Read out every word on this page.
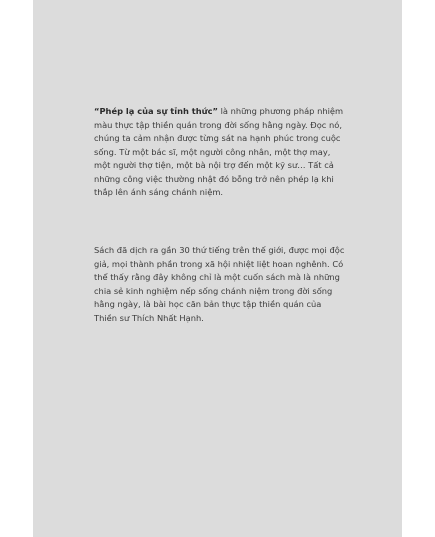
“Phép lạ của sự tỉnh thức” là những phương pháp nhiệm màu thực tập thiền quán trong đời sống hằng ngày. Đọc nó, chúng ta cảm nhận được từng sát na hạnh phúc trong cuộc sống. Từ một bác sĩ, một người công nhân, một thợ may, một người thợ tiện, một bà nội trợ đến một kỹ sư… Tất cả những công việc thường nhật đó bỗng trở nên phép lạ khi thắp lên ánh sáng chánh niệm.
Sách đã dịch ra gần 30 thứ tiếng trên thế giới, được mọi độc giả, mọi thành phần trong xã hội nhiệt liệt hoan nghênh. Có thể thấy rằng đây không chỉ là một cuốn sách mà là những chia sẻ kinh nghiệm nếp sống chánh niệm trong đời sống hằng ngày, là bài học căn bản thực tập thiền quán của Thiền sư Thích Nhất Hạnh.
